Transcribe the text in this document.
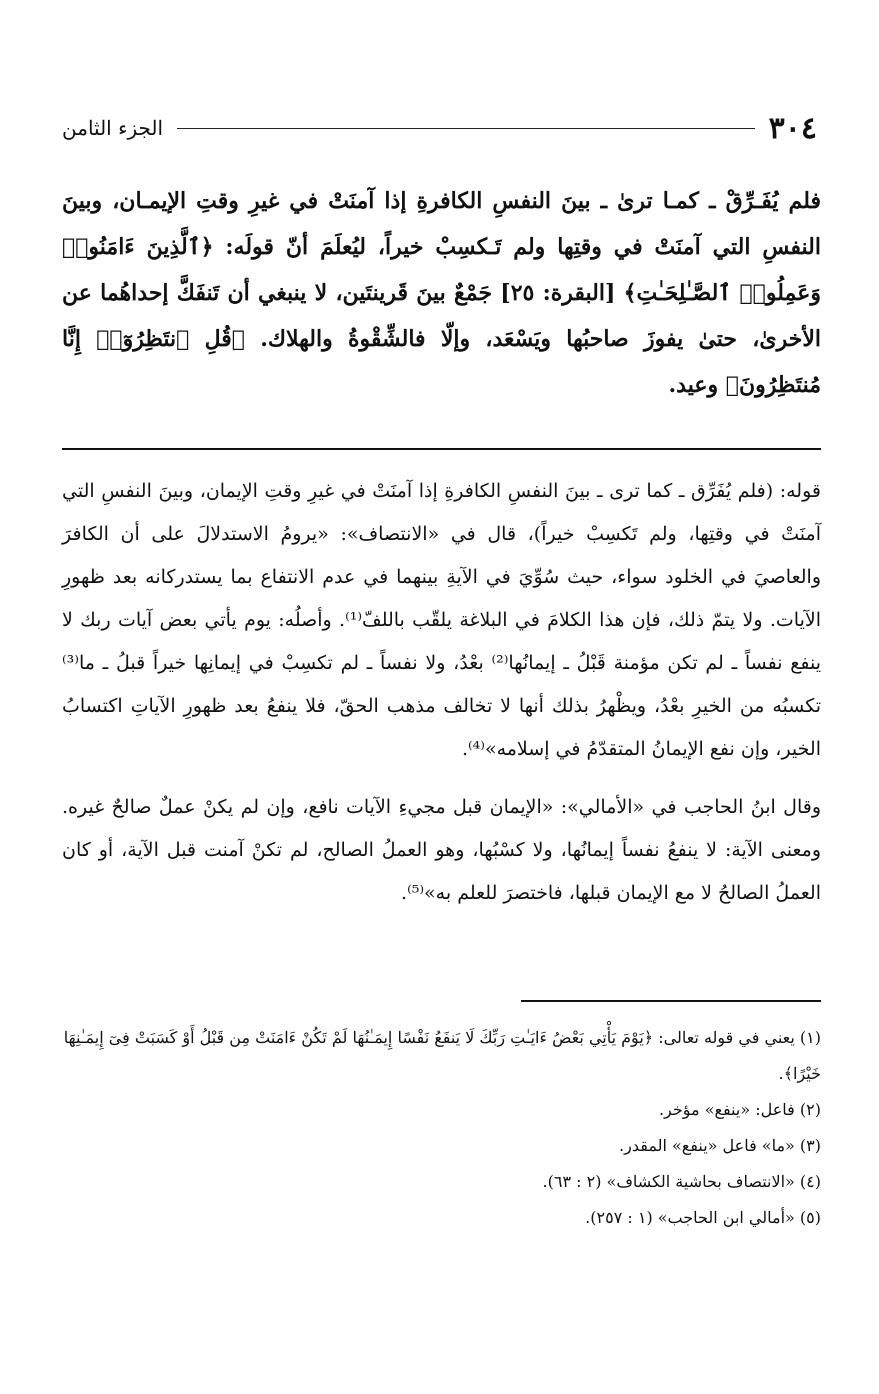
٣٠٤
الجزء الثامن

فلم يُفَـرِّقْ ـ كمـا ترىٰ ـ بينَ النفسِ الكافرةِ إذا آمنَتْ في غيرِ وقتِ الإيمـان، وبينَ النفسِ التي آمنَتْ في وقتِها ولم تَـكسِبْ خيراً، ليُعلَمَ أنّ قولَه: ﴿ٱلَّذِينَ ءَامَنُوا۟ وَعَمِلُوا۟ ٱلصَّـٰلِحَـٰتِ﴾ [البقرة: ٢٥] جَمْعٌ بينَ قَرينتَين، لا ينبغي أن تَنفَكَّ إحداهُما عن الأخرىٰ، حتىٰ يفوزَ صاحبُها ويَسْعَد، وإلّا فالشِّقْوةُ والهلاك. ﴿قُلِ ٱنتَظِرُوٓا۟ إِنَّا مُنتَظِرُونَ﴾ وعيد.

قوله: (فلم يُفَرِّق ـ كما ترى ـ بينَ النفسِ الكافرةِ إذا آمنَتْ في غيرِ وقتِ الإيمان، وبينَ النفسِ التي آمنَتْ في وقتِها، ولم تَكسِبْ خيراً)، قال في «الانتصاف»: «يرومُ الاستدلالَ على أن الكافرَ والعاصيَ في الخلود سواء، حيث سُوِّيَ في الآيةِ بينهما في عدم الانتفاع بما يستدركانه بعد ظهورِ الآيات. ولا يتمّ ذلك، فإن هذا الكلامَ في البلاغة يلقّب باللفّ⁽¹⁾. وأصلُه: يوم يأتي بعض آيات ربك لا ينفع نفساً ـ لم تكن مؤمنة قَبْلُ ـ إيمانُها⁽²⁾ بعْدُ، ولا نفساً ـ لم تكسِبْ في إيمانِها خيراً قبلُ ـ ما⁽³⁾ تكسبُه من الخيرِ بعْدُ، ويظْهرُ بذلك أنها لا تخالف مذهب الحقّ، فلا ينفعُ بعد ظهورِ الآياتِ اكتسابُ الخير، وإن نفع الإيمانُ المتقدّمُ في إسلامه»⁽⁴⁾.

وقال ابنُ الحاجب في «الأمالي»: «الإيمان قبل مجيءِ الآيات نافع، وإن لم يكنْ عملٌ صالحٌ غيره. ومعنى الآية: لا ينفعُ نفساً إيمانُها، ولا كسْبُها، وهو العملُ الصالح، لم تكنْ آمنت قبل الآية، أو كان العملُ الصالحُ لا مع الإيمان قبلها، فاختصرَ للعلم به»⁽⁵⁾.

(١) يعني في قوله تعالى: ﴿يَوْمَ يَأْتِي بَعْضُ ءَايَـٰتِ رَبِّكَ لَا يَنفَعُ نَفْسًا إِيمَـٰنُهَا لَمْ تَكُنْ ءَامَنَتْ مِن قَبْلُ أَوْ كَسَبَتْ فِىٓ إِيمَـٰنِهَا خَيْرًا﴾.
(٢) فاعل: «ينفع» مؤخر.
(٣) «ما» فاعل «ينفع» المقدر.
(٤) «الانتصاف بحاشية الكشاف» (٢ : ٦٣).
(٥) «أمالي ابن الحاجب» (١ : ٢٥٧).
